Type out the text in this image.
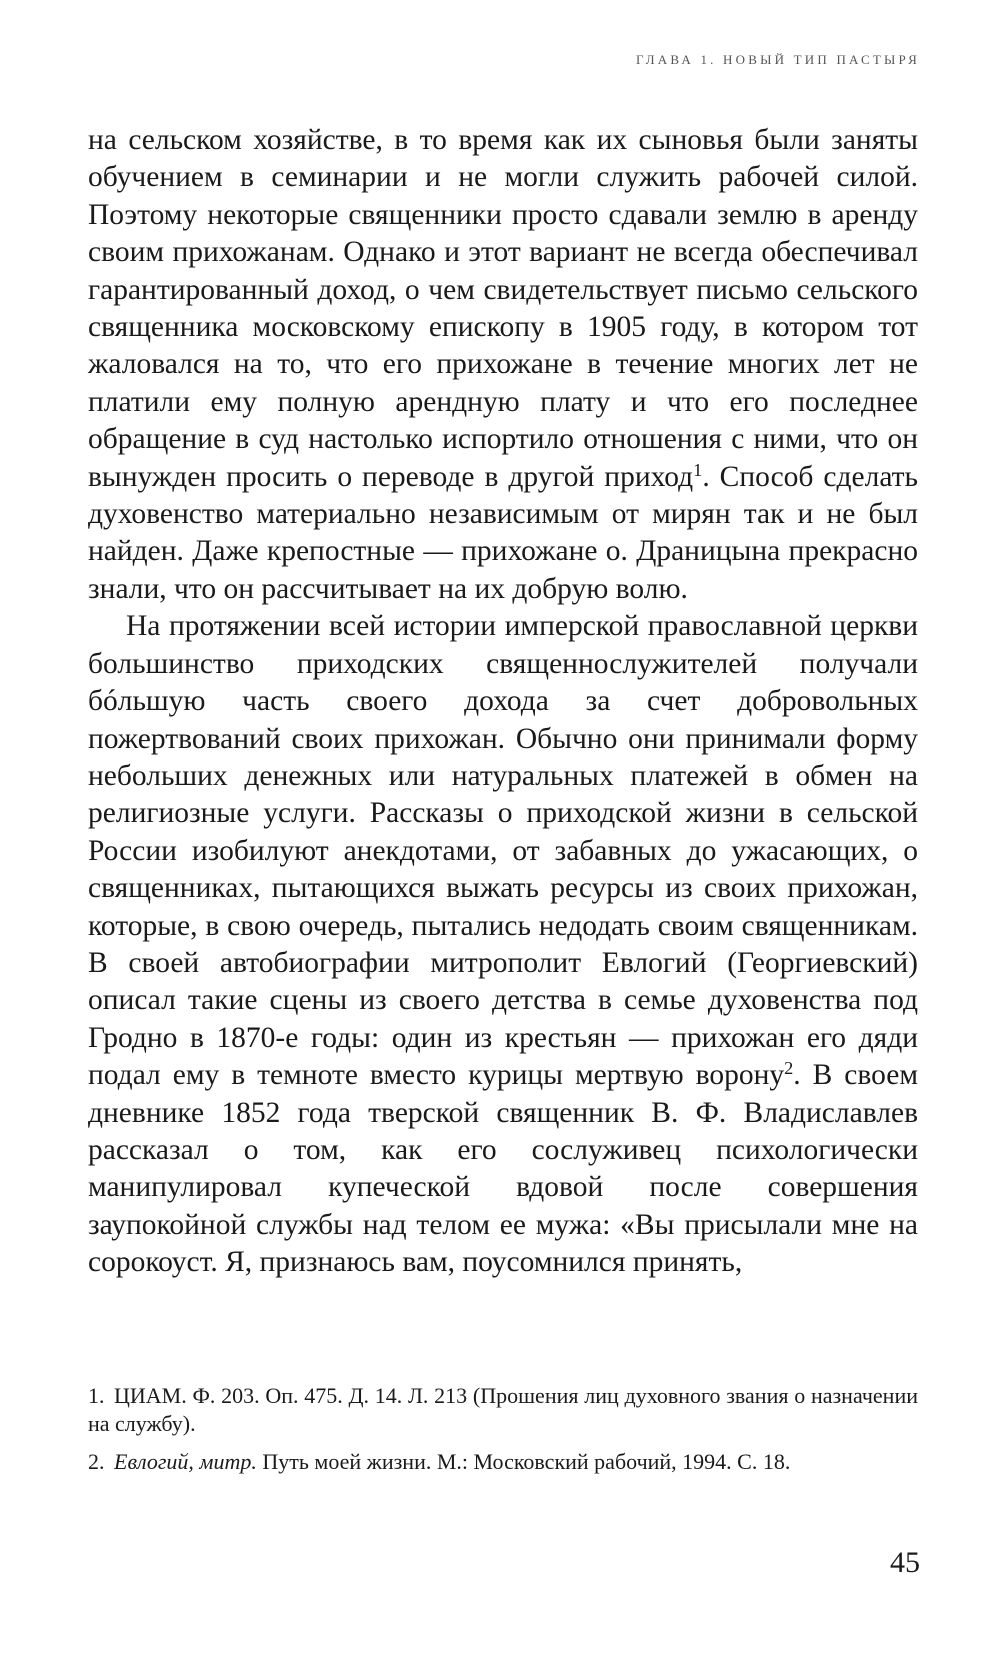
ГЛАВА 1. НОВЫЙ ТИП ПАСТЫРЯ

на сельском хозяйстве, в то время как их сыновья были заняты обучением в семинарии и не могли служить рабочей силой. Поэтому некоторые священники просто сдавали землю в аренду своим прихожанам. Однако и этот вариант не всегда обеспечивал гарантированный доход, о чем свидетельствует письмо сельского священника московскому епископу в 1905 году, в котором тот жаловался на то, что его прихожане в течение многих лет не платили ему полную арендную плату и что его последнее обращение в суд настолько испортило отношения с ними, что он вынужден просить о переводе в другой приход$^1$. Способ сделать духовенство материально независимым от мирян так и не был найден. Даже крепостные — прихожане о. Драницына прекрасно знали, что он рассчитывает на их добрую волю.

На протяжении всей истории имперской православной церкви большинство приходских священнослужителей получали бóльшую часть своего дохода за счет добровольных пожертвований своих прихожан. Обычно они принимали форму небольших денежных или натуральных платежей в обмен на религиозные услуги. Рассказы о приходской жизни в сельской России изобилуют анекдотами, от забавных до ужасающих, о священниках, пытающихся выжать ресурсы из своих прихожан, которые, в свою очередь, пытались недодать своим священникам. В своей автобиографии митрополит Евлогий (Георгиевский) описал такие сцены из своего детства в семье духовенства под Гродно в 1870-е годы: один из крестьян — прихожан его дяди подал ему в темноте вместо курицы мертвую ворону$^2$. В своем дневнике 1852 года тверской священник В. Ф. Владиславлев рассказал о том, как его сослуживец психологически манипулировал купеческой вдовой после совершения заупокойной службы над телом ее мужа: «Вы присылали мне на сорокоуст. Я, признаюсь вам, поусомнился принять,

1. ЦИАМ. Ф. 203. Оп. 475. Д. 14. Л. 213 (Прошения лиц духовного звания о назначении на службу).
2. Евлогий, митр. Путь моей жизни. М.: Московский рабочий, 1994. С. 18.
45
